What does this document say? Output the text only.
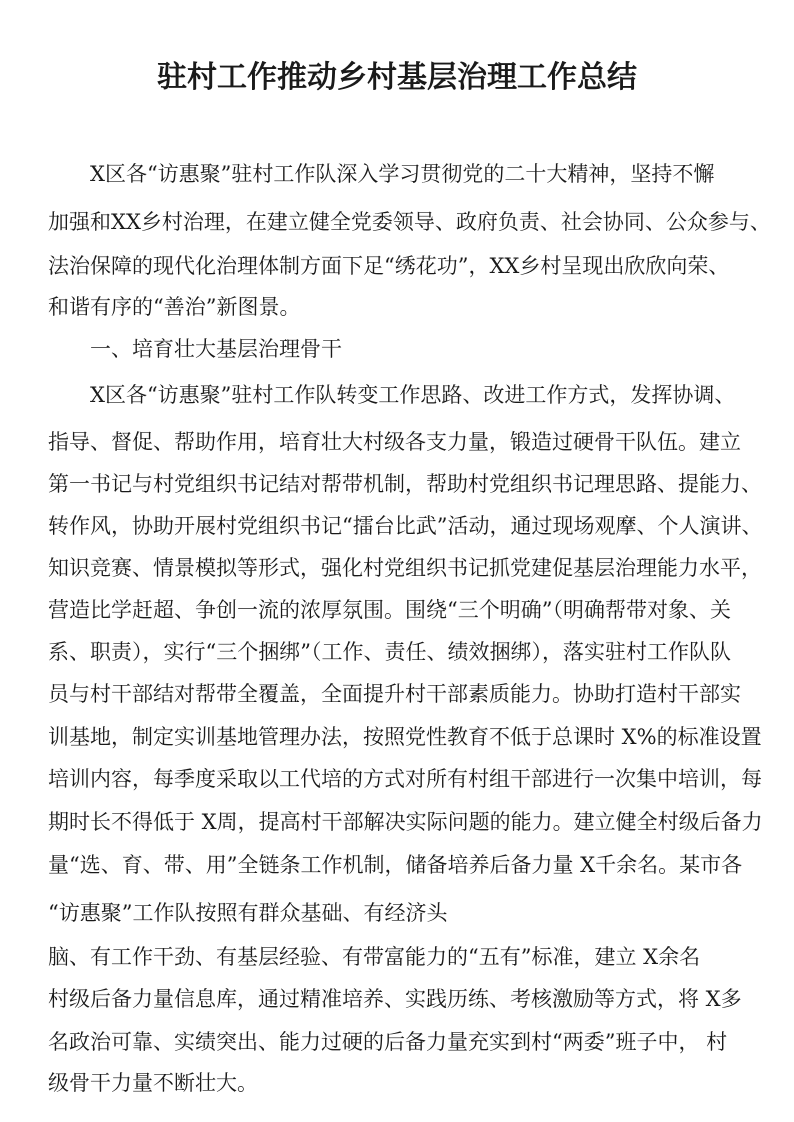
驻村工作推动乡村基层治理工作总结
X区各“访惠聚”驻村工作队深入学习贯彻党的二十大精神，坚持不懈
加强和XX乡村治理，在建立健全党委领导、政府负责、社会协同、公众参与、
法治保障的现代化治理体制方面下足“绣花功”，XX乡村呈现出欣欣向荣、
和谐有序的“善治”新图景。
一、培育壮大基层治理骨干
X区各“访惠聚”驻村工作队转变工作思路、改进工作方式，发挥协调、
指导、督促、帮助作用，培育壮大村级各支力量，锻造过硬骨干队伍。建立
第一书记与村党组织书记结对帮带机制，帮助村党组织书记理思路、提能力、
转作风，协助开展村党组织书记“擂台比武”活动，通过现场观摩、个人演讲、
知识竞赛、情景模拟等形式，强化村党组织书记抓党建促基层治理能力水平，
营造比学赶超、争创一流的浓厚氛围。围绕“三个明确”（明确帮带对象、关
系、职责），实行“三个捆绑”（工作、责任、绩效捆绑），落实驻村工作队队
员与村干部结对帮带全覆盖，全面提升村干部素质能力。协助打造村干部实
训基地，制定实训基地管理办法，按照党性教育不低于总课时 X%的标准设置
培训内容，每季度采取以工代培的方式对所有村组干部进行一次集中培训，每
期时长不得低于 X周，提高村干部解决实际问题的能力。建立健全村级后备力
量“选、育、带、用”全链条工作机制，储备培养后备力量 X千余名。某市各
“访惠聚”工作队按照有群众基础、有经济头
脑、有工作干劲、有基层经验、有带富能力的“五有”标准，建立 X余名
村级后备力量信息库，通过精准培养、实践历练、考核激励等方式，将 X多
名政治可靠、实绩突出、能力过硬的后备力量充实到村“两委”班子中， 村
级骨干力量不断壮大。
